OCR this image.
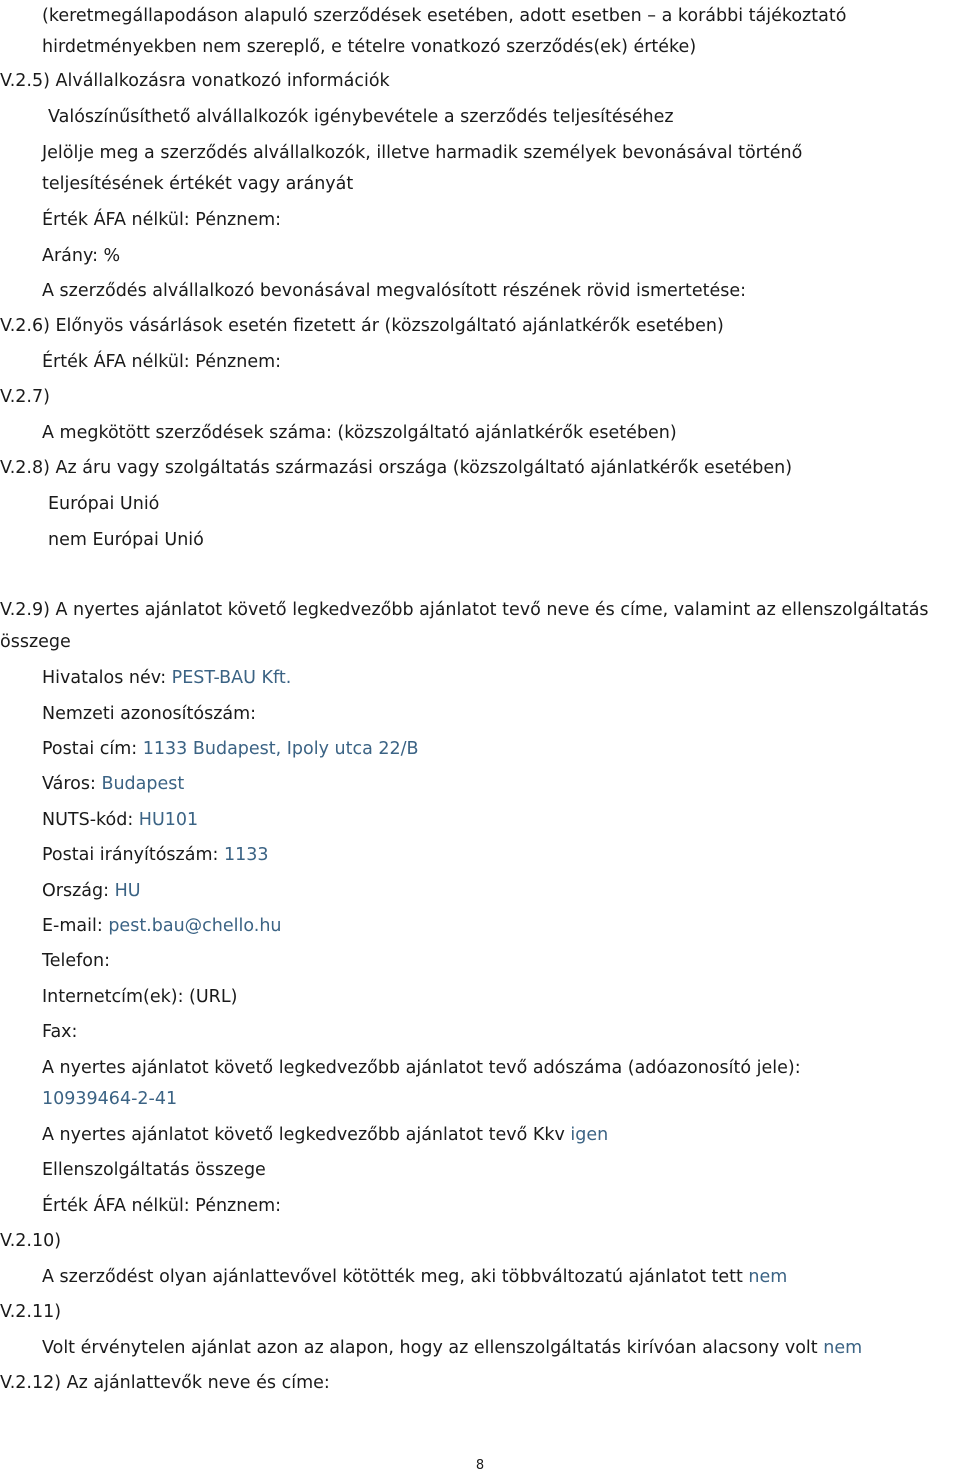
(keretmegállapodáson alapuló szerződések esetében, adott esetben – a korábbi tájékoztató
hirdetményekben nem szereplő, e tételre vonatkozó szerződés(ek) értéke)
V.2.5) Alvállalkozásra vonatkozó információk
Valószínűsíthető alvállalkozók igénybevétele a szerződés teljesítéséhez
Jelölje meg a szerződés alvállalkozók, illetve harmadik személyek bevonásával történő
teljesítésének értékét vagy arányát
Érték ÁFA nélkül: Pénznem:
Arány: %
A szerződés alvállalkozó bevonásával megvalósított részének rövid ismertetése:
V.2.6) Előnyös vásárlások esetén fizetett ár (közszolgáltató ajánlatkérők esetében)
Érték ÁFA nélkül: Pénznem:
V.2.7)
A megkötött szerződések száma: (közszolgáltató ajánlatkérők esetében)
V.2.8) Az áru vagy szolgáltatás származási országa (közszolgáltató ajánlatkérők esetében)
Európai Unió
nem Európai Unió
V.2.9) A nyertes ajánlatot követő legkedvezőbb ajánlatot tevő neve és címe, valamint az ellenszolgáltatás
összege
Hivatalos név: PEST-BAU Kft.
Nemzeti azonosítószám:
Postai cím: 1133 Budapest, Ipoly utca 22/B
Város: Budapest
NUTS-kód: HU101
Postai irányítószám: 1133
Ország: HU
E-mail: pest.bau@chello.hu
Telefon:
Internetcím(ek): (URL)
Fax:
A nyertes ajánlatot követő legkedvezőbb ajánlatot tevő adószáma (adóazonosító jele):
10939464-2-41
A nyertes ajánlatot követő legkedvezőbb ajánlatot tevő Kkv igen
Ellenszolgáltatás összege
Érték ÁFA nélkül: Pénznem:
V.2.10)
A szerződést olyan ajánlattevővel kötötték meg, aki többváltozatú ajánlatot tett nem
V.2.11)
Volt érvénytelen ajánlat azon az alapon, hogy az ellenszolgáltatás kirívóan alacsony volt nem
V.2.12) Az ajánlattevők neve és címe:
8
